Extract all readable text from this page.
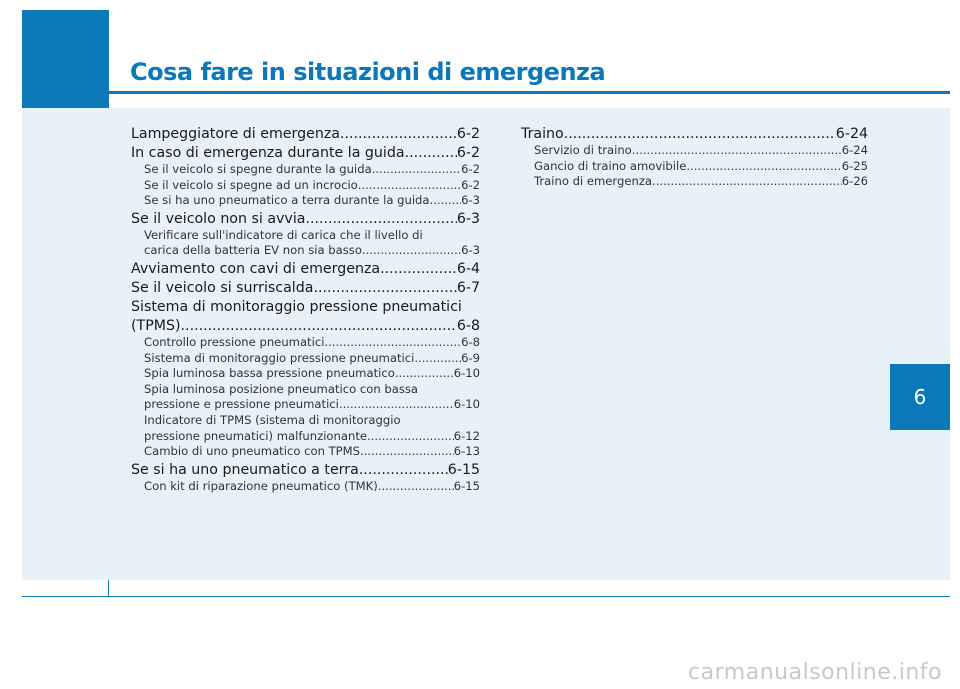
Cosa fare in situazioni di emergenza
6
Lampeggiatore di emergenza .....	6-2
In caso di emergenza durante la guida .....	6-2
Se il veicolo si spegne durante la guida .....	6-2
Se il veicolo si spegne ad un incrocio .....	6-2
Se si ha uno pneumatico a terra durante la guida .....	6-3
Se il veicolo non si avvia .....	6-3
Verificare sull'indicatore di carica che il livello di
carica della batteria EV non sia basso .....	6-3
Avviamento con cavi di emergenza .....	6-4
Se il veicolo si surriscalda .....	6-7
Sistema di monitoraggio pressione pneumatici
(TPMS) .....	6-8
Controllo pressione pneumatici .....	6-8
Sistema di monitoraggio pressione pneumatici .....	6-9
Spia luminosa bassa pressione pneumatico .....	6-10
Spia luminosa posizione pneumatico con bassa
pressione e pressione pneumatici .....	6-10
Indicatore di TPMS (sistema di monitoraggio
pressione pneumatici) malfunzionante .....	6-12
Cambio di uno pneumatico con TPMS .....	6-13
Se si ha uno pneumatico a terra .....	6-15
Con kit di riparazione pneumatico (TMK) .....	6-15
Traino .....	6-24
Servizio di traino .....	6-24
Gancio di traino amovibile .....	6-25
Traino di emergenza .....	6-26
carmanualsonline.info
